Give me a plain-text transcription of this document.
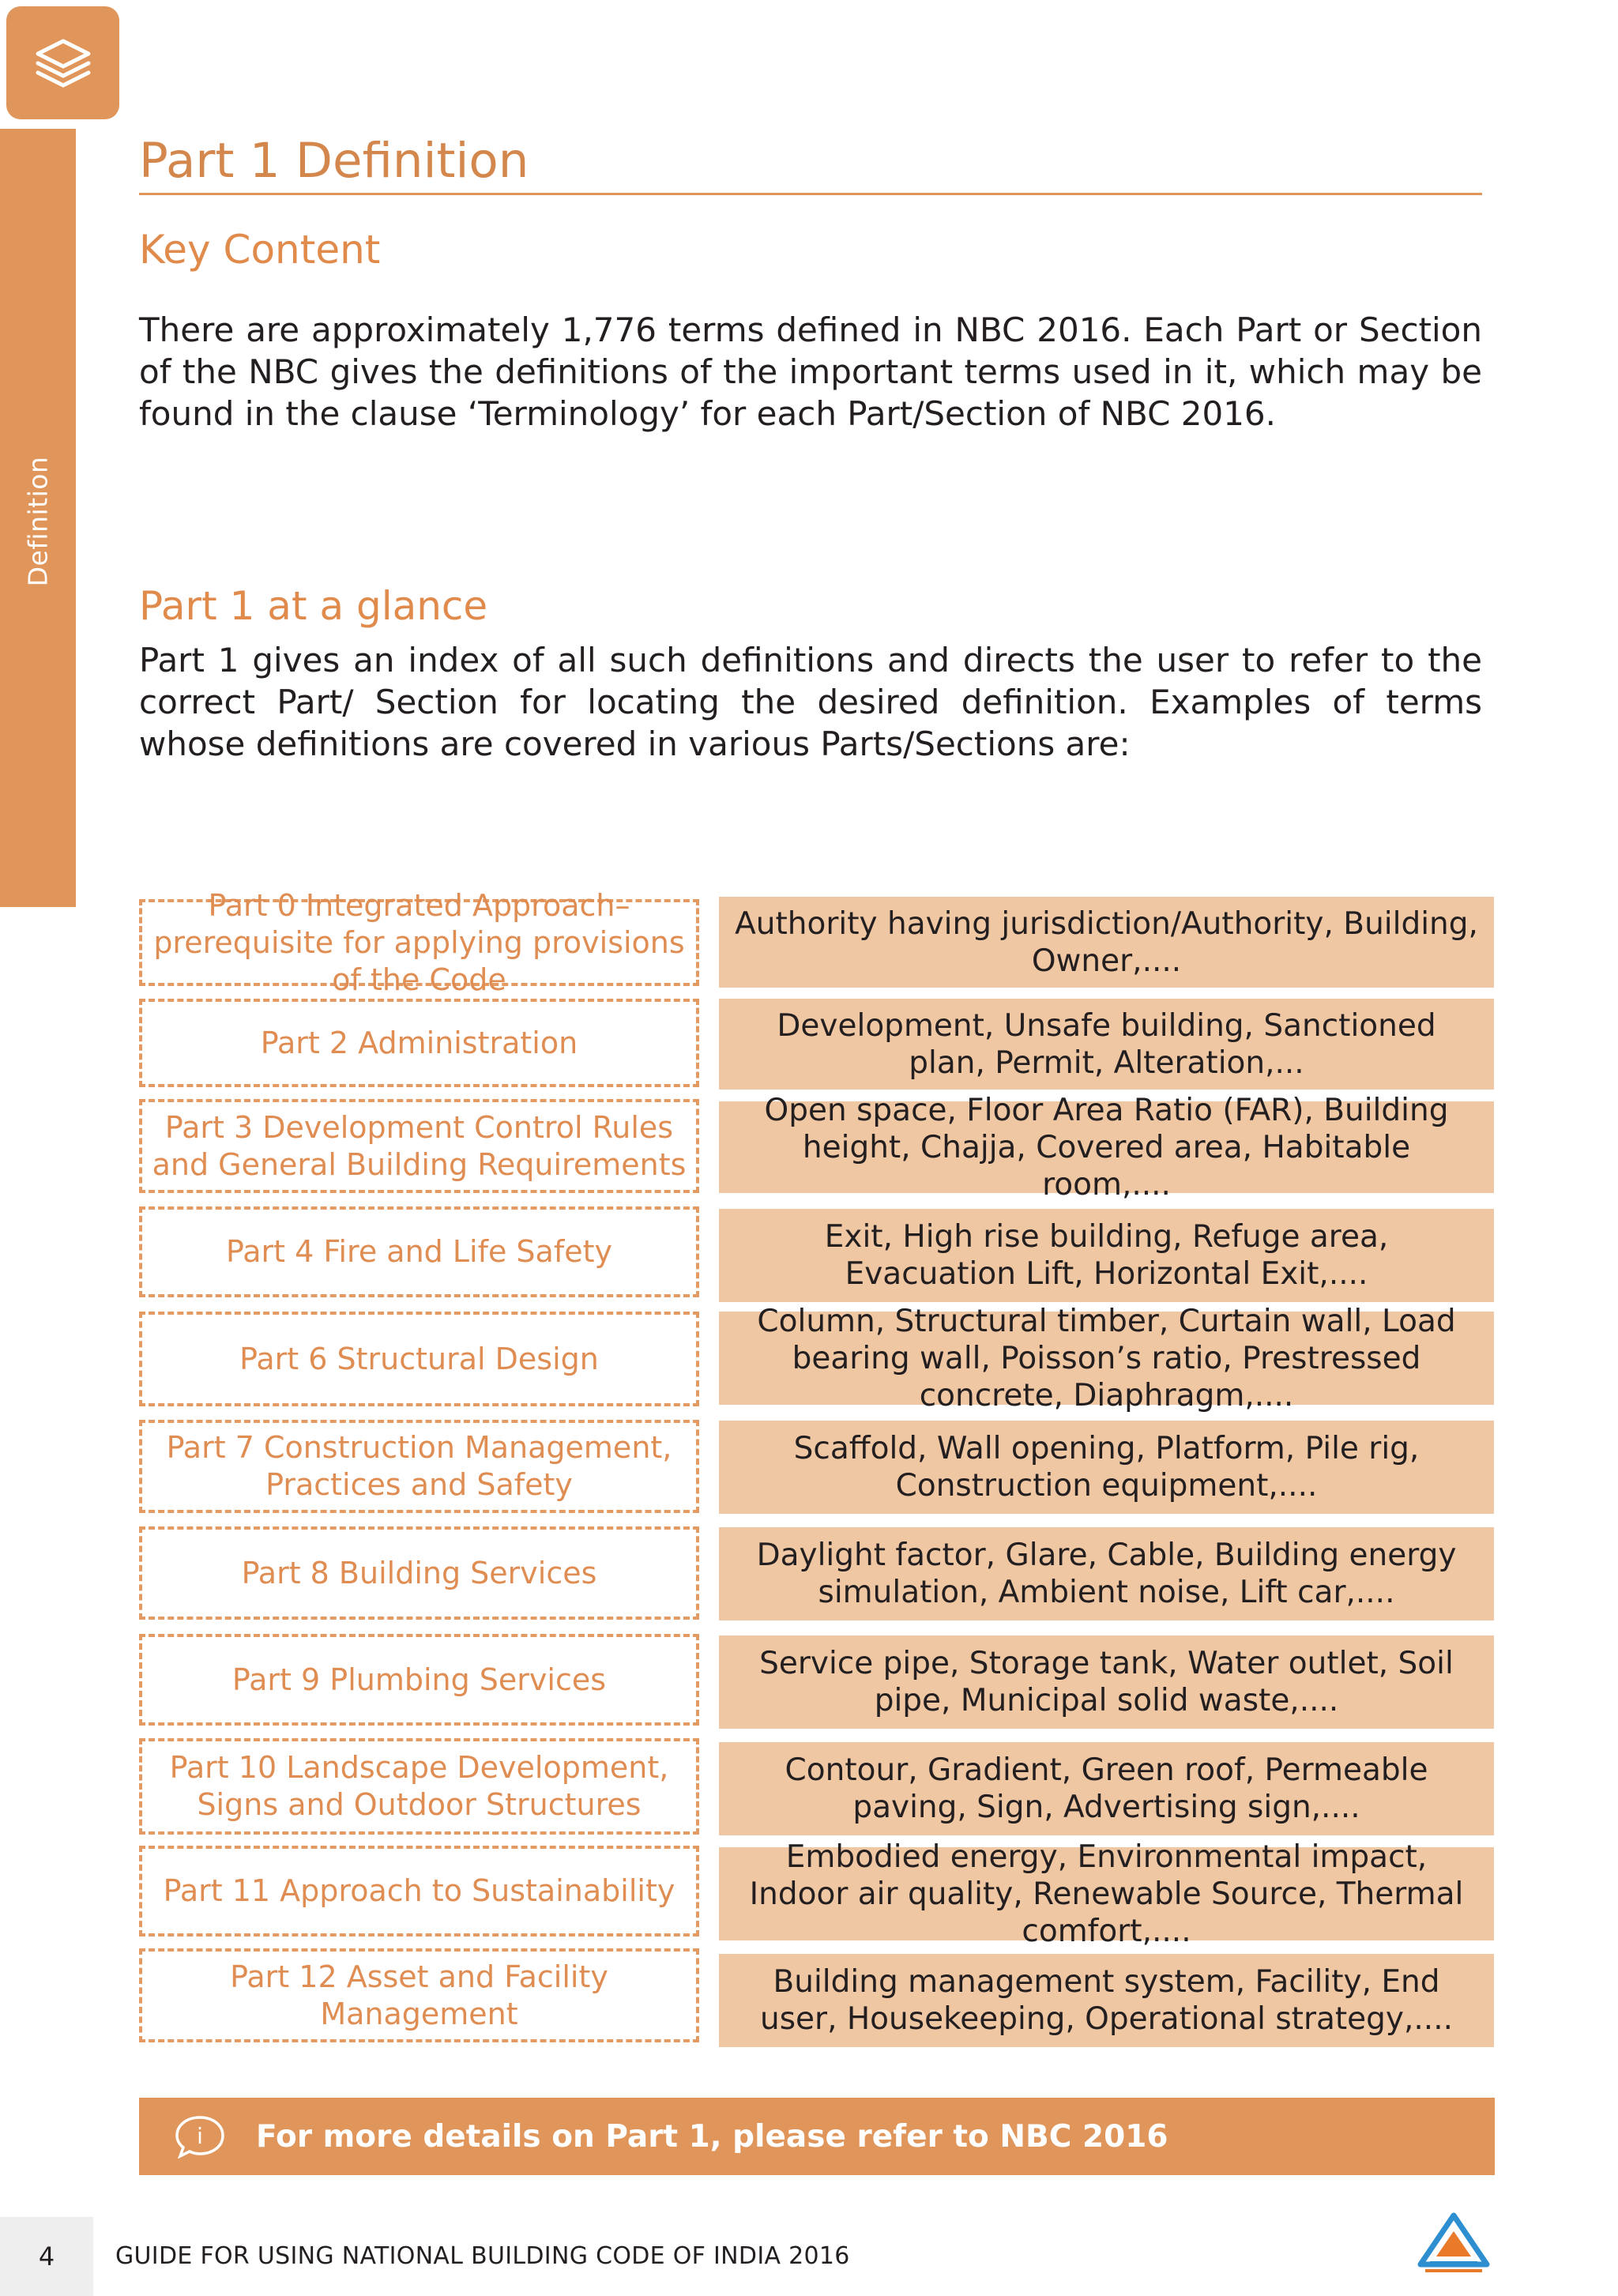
Definition
Part 1 Definition
Key Content

There are approximately 1,776 terms defined in NBC 2016. Each Part or Section of the NBC gives the definitions of the important terms used in it, which may be found in the clause ‘Terminology’ for each Part/Section of NBC 2016.

Part 1 at a glance

Part 1 gives an index of all such definitions and directs the user to refer to the correct Part/ Section for locating the desired definition. Examples of terms whose definitions are covered in various Parts/Sections are:

Part 0 Integrated Approach– prerequisite for applying provisions of the Code
Part 2 Administration
Part 3 Development Control Rules and General Building Requirements
Part 4 Fire and Life Safety
Part 6 Structural Design
Part 7 Construction Management, Practices and Safety
Part 8 Building Services
Part 9 Plumbing Services
Part 10 Landscape Development, Signs and Outdoor Structures
Part 11 Approach to Sustainability
Part 12 Asset and Facility Management
Authority having jurisdiction/Authority, Building, Owner,....
Development, Unsafe building, Sanctioned plan, Permit, Alteration,...
Open space, Floor Area Ratio (FAR), Building height, Chajja, Covered area, Habitable room,....
Exit, High rise building, Refuge area, Evacuation Lift, Horizontal Exit,....
Column, Structural timber, Curtain wall, Load bearing wall, Poisson’s ratio, Prestressed concrete, Diaphragm,....
Scaffold, Wall opening, Platform, Pile rig, Construction equipment,....
Daylight factor, Glare, Cable, Building energy simulation, Ambient noise, Lift car,....
Service pipe, Storage tank, Water outlet, Soil pipe, Municipal solid waste,....
Contour, Gradient, Green roof, Permeable paving, Sign, Advertising sign,....
Embodied energy, Environmental impact, Indoor air quality, Renewable Source, Thermal comfort,....
Building management system, Facility, End user, Housekeeping, Operational strategy,....
i For more details on Part 1, please refer to NBC 2016
4	GUIDE FOR USING NATIONAL BUILDING CODE OF INDIA 2016
